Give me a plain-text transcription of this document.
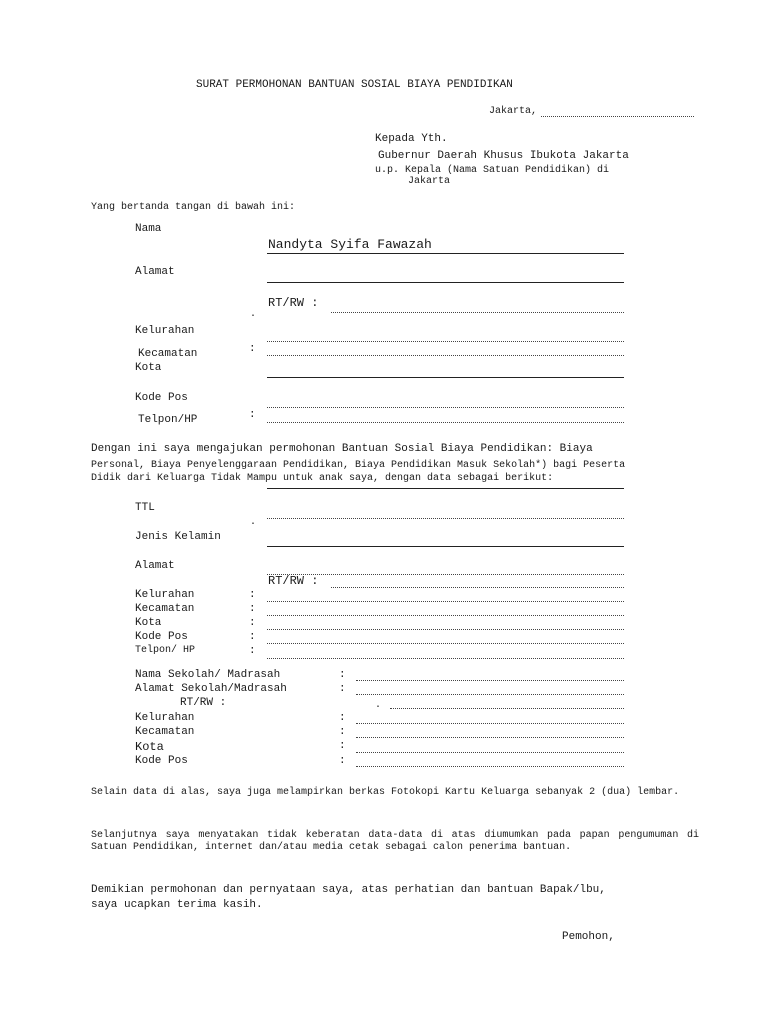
SURAT PERMOHONAN BANTUAN SOSIAL BIAYA PENDIDIKAN
Jakarta,
Kepada Yth.
Gubernur Daerah Khusus Ibukota Jakarta
u.p. Kepala (Nama Satuan Pendidikan) di
Jakarta
Yang bertanda tangan di bawah ini:
Nama
Nandyta Syifa Fawazah
Alamat
RT/RW :
.
Kelurahan
Kecamatan	:
Kota
Kode Pos
Telpon/HP	:
Dengan ini saya mengajukan permohonan Bantuan Sosial Biaya Pendidikan: Biaya
Personal, Biaya Penyelenggaraan Pendidikan, Biaya Pendidikan Masuk Sekolah*) bagi Peserta
Didik dari Keluarga Tidak Mampu untuk anak saya, dengan data sebagai berikut:
TTL
.
Jenis Kelamin
Alamat
RT/RW :
Kelurahan	:
Kecamatan	:
Kota	:
Kode Pos	:
Telpon/ HP	:
Nama Sekolah/ Madrasah	:
Alamat Sekolah/Madrasah	:
RT/RW :	.
Kelurahan	:
Kecamatan	:
Kota	:
Kode Pos	:
Selain data di alas, saya juga melampirkan berkas Fotokopi Kartu Keluarga sebanyak 2 (dua) lembar.
Selanjutnya saya menyatakan tidak keberatan data-data di atas diumumkan pada papan pengumuman di Satuan Pendidikan, internet dan/atau media cetak sebagai calon penerima bantuan.
Demikian permohonan dan pernyataan saya, atas perhatian dan bantuan Bapak/lbu,
saya ucapkan terima kasih.
Pemohon,
